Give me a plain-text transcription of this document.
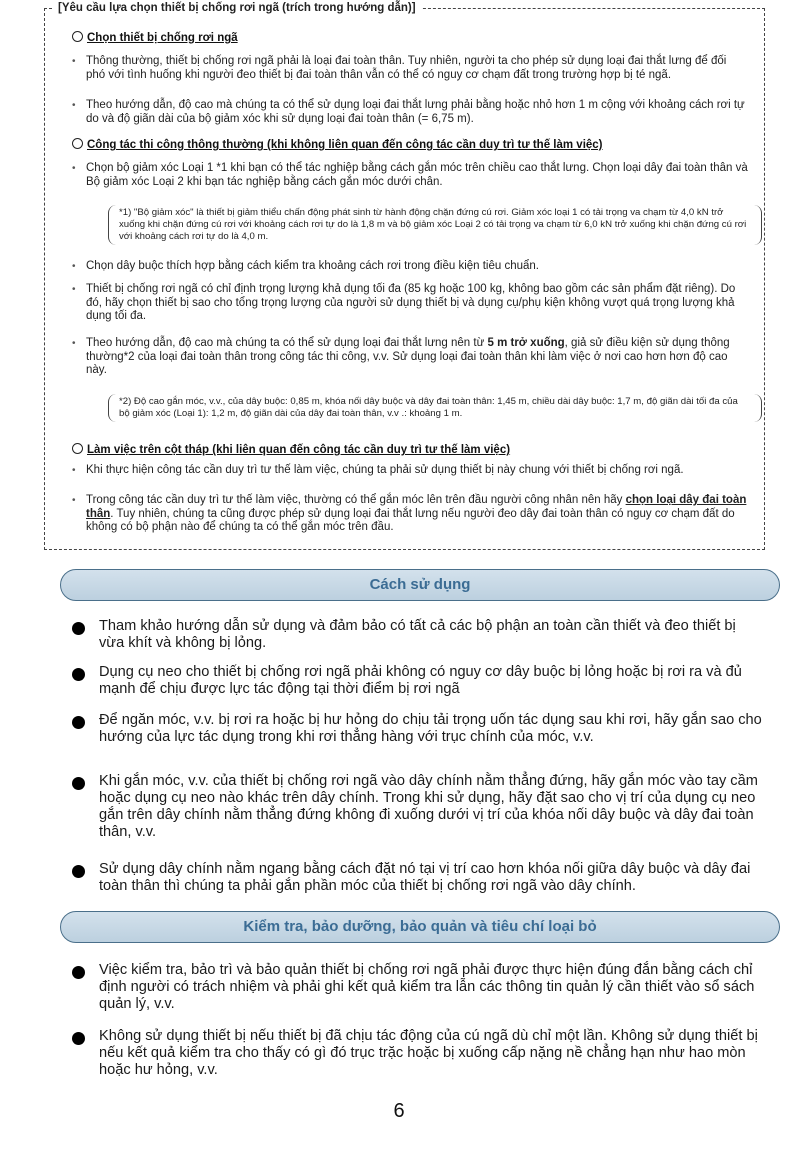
[Yêu cầu lựa chọn thiết bị chống rơi ngã (trích trong hướng dẫn)]
Chọn thiết bị chống rơi ngã
• Thông thường, thiết bị chống rơi ngã phải là loại đai toàn thân. Tuy nhiên, người ta cho phép sử dụng loại đai thắt lưng để đối phó với tình huống khi người đeo thiết bị đai toàn thân vẫn có thể có nguy cơ chạm đất trong trường hợp bị té ngã.
• Theo hướng dẫn, độ cao mà chúng ta có thể sử dụng loại đai thắt lưng phải bằng hoặc nhỏ hơn 1 m cộng với khoảng cách rơi tự do và độ giãn dài của bộ giảm xóc khi sử dụng loại đai toàn thân (= 6,75 m).
Công tác thi công thông thường (khi không liên quan đến công tác cần duy trì tư thế làm việc)
• Chọn bộ giảm xóc Loại 1 *1 khi bạn có thể tác nghiệp bằng cách gắn móc trên chiều cao thắt lưng. Chọn loại dây đai toàn thân và Bộ giảm xóc Loại 2 khi bạn tác nghiệp bằng cách gắn móc dưới chân.
*1) "Bộ giảm xóc" là thiết bị giảm thiểu chấn động phát sinh từ hành động chặn đứng cú rơi. Giảm xóc loại 1 có tải trọng va chạm từ 4,0 kN trở xuống khi chặn đứng cú rơi với khoảng cách rơi tự do là 1,8 m và bộ giảm xóc Loại 2 có tải trọng va chạm từ 6,0 kN trở xuống khi chặn đứng cú rơi với khoảng cách rơi tự do là 4,0 m.
• Chọn dây buộc thích hợp bằng cách kiểm tra khoảng cách rơi trong điều kiện tiêu chuẩn.
• Thiết bị chống rơi ngã có chỉ định trọng lượng khả dụng tối đa (85 kg hoặc 100 kg, không bao gồm các sản phẩm đặt riêng). Do đó, hãy chọn thiết bị sao cho tổng trọng lượng của người sử dụng thiết bị và dụng cụ/phụ kiện không vượt quá trọng lượng khả dụng tối đa.
• Theo hướng dẫn, độ cao mà chúng ta có thể sử dụng loại đai thắt lưng nên từ 5 m trở xuống, giả sử điều kiện sử dụng thông thường*2 của loại đai toàn thân trong công tác thi công, v.v. Sử dụng loại đai toàn thân khi làm việc ở nơi cao hơn hơn độ cao này.
*2) Độ cao gắn móc, v.v., của dây buộc: 0,85 m, khóa nối dây buộc và dây đai toàn thân: 1,45 m, chiều dài dây buộc: 1,7 m, độ giãn dài tối đa của bộ giảm xóc (Loại 1): 1,2 m, độ giãn dài của dây đai toàn thân, v.v .: khoảng 1 m.
Làm việc trên cột tháp (khi liên quan đến công tác cần duy trì tư thế làm việc)
• Khi thực hiện công tác cần duy trì tư thế làm việc, chúng ta phải sử dụng thiết bị này chung với thiết bị chống rơi ngã.
• Trong công tác cần duy trì tư thế làm việc, thường có thể gắn móc lên trên đầu người công nhân nên hãy chọn loại dây đai toàn thân. Tuy nhiên, chúng ta cũng được phép sử dụng loại đai thắt lưng nếu người đeo dây đai toàn thân có nguy cơ chạm đất do không có bộ phận nào để chúng ta có thể gắn móc trên đầu.
Cách sử dụng
Tham khảo hướng dẫn sử dụng và đảm bảo có tất cả các bộ phận an toàn cần thiết và đeo thiết bị vừa khít và không bị lỏng.
Dụng cụ neo cho thiết bị chống rơi ngã phải không có nguy cơ dây buộc bị lỏng hoặc bị rơi ra và đủ mạnh để chịu được lực tác động tại thời điểm bị rơi ngã
Để ngăn móc, v.v. bị rơi ra hoặc bị hư hỏng do chịu tải trọng uốn tác dụng sau khi rơi, hãy gắn sao cho hướng của lực tác dụng trong khi rơi thẳng hàng với trục chính của móc, v.v.
Khi gắn móc, v.v. của thiết bị chống rơi ngã vào dây chính nằm thẳng đứng, hãy gắn móc vào tay cầm hoặc dụng cụ neo nào khác trên dây chính. Trong khi sử dụng, hãy đặt sao cho vị trí của dụng cụ neo gắn trên dây chính nằm thẳng đứng không đi xuống dưới vị trí của khóa nối dây buộc và dây đai toàn thân, v.v.
Sử dụng dây chính nằm ngang bằng cách đặt nó tại vị trí cao hơn khóa nối giữa dây buộc và dây đai toàn thân thì chúng ta phải gắn phần móc của thiết bị chống rơi ngã vào dây chính.
Kiểm tra, bảo dưỡng, bảo quản và tiêu chí loại bỏ
Việc kiểm tra, bảo trì và bảo quản thiết bị chống rơi ngã phải được thực hiện đúng đắn bằng cách chỉ định người có trách nhiệm và phải ghi kết quả kiểm tra lẫn các thông tin quản lý cần thiết vào sổ sách quản lý, v.v.
Không sử dụng thiết bị nếu thiết bị đã chịu tác động của cú ngã dù chỉ một lần. Không sử dụng thiết bị nếu kết quả kiểm tra cho thấy có gì đó trục trặc hoặc bị xuống cấp nặng nề chẳng hạn như hao mòn hoặc hư hỏng, v.v.
6
